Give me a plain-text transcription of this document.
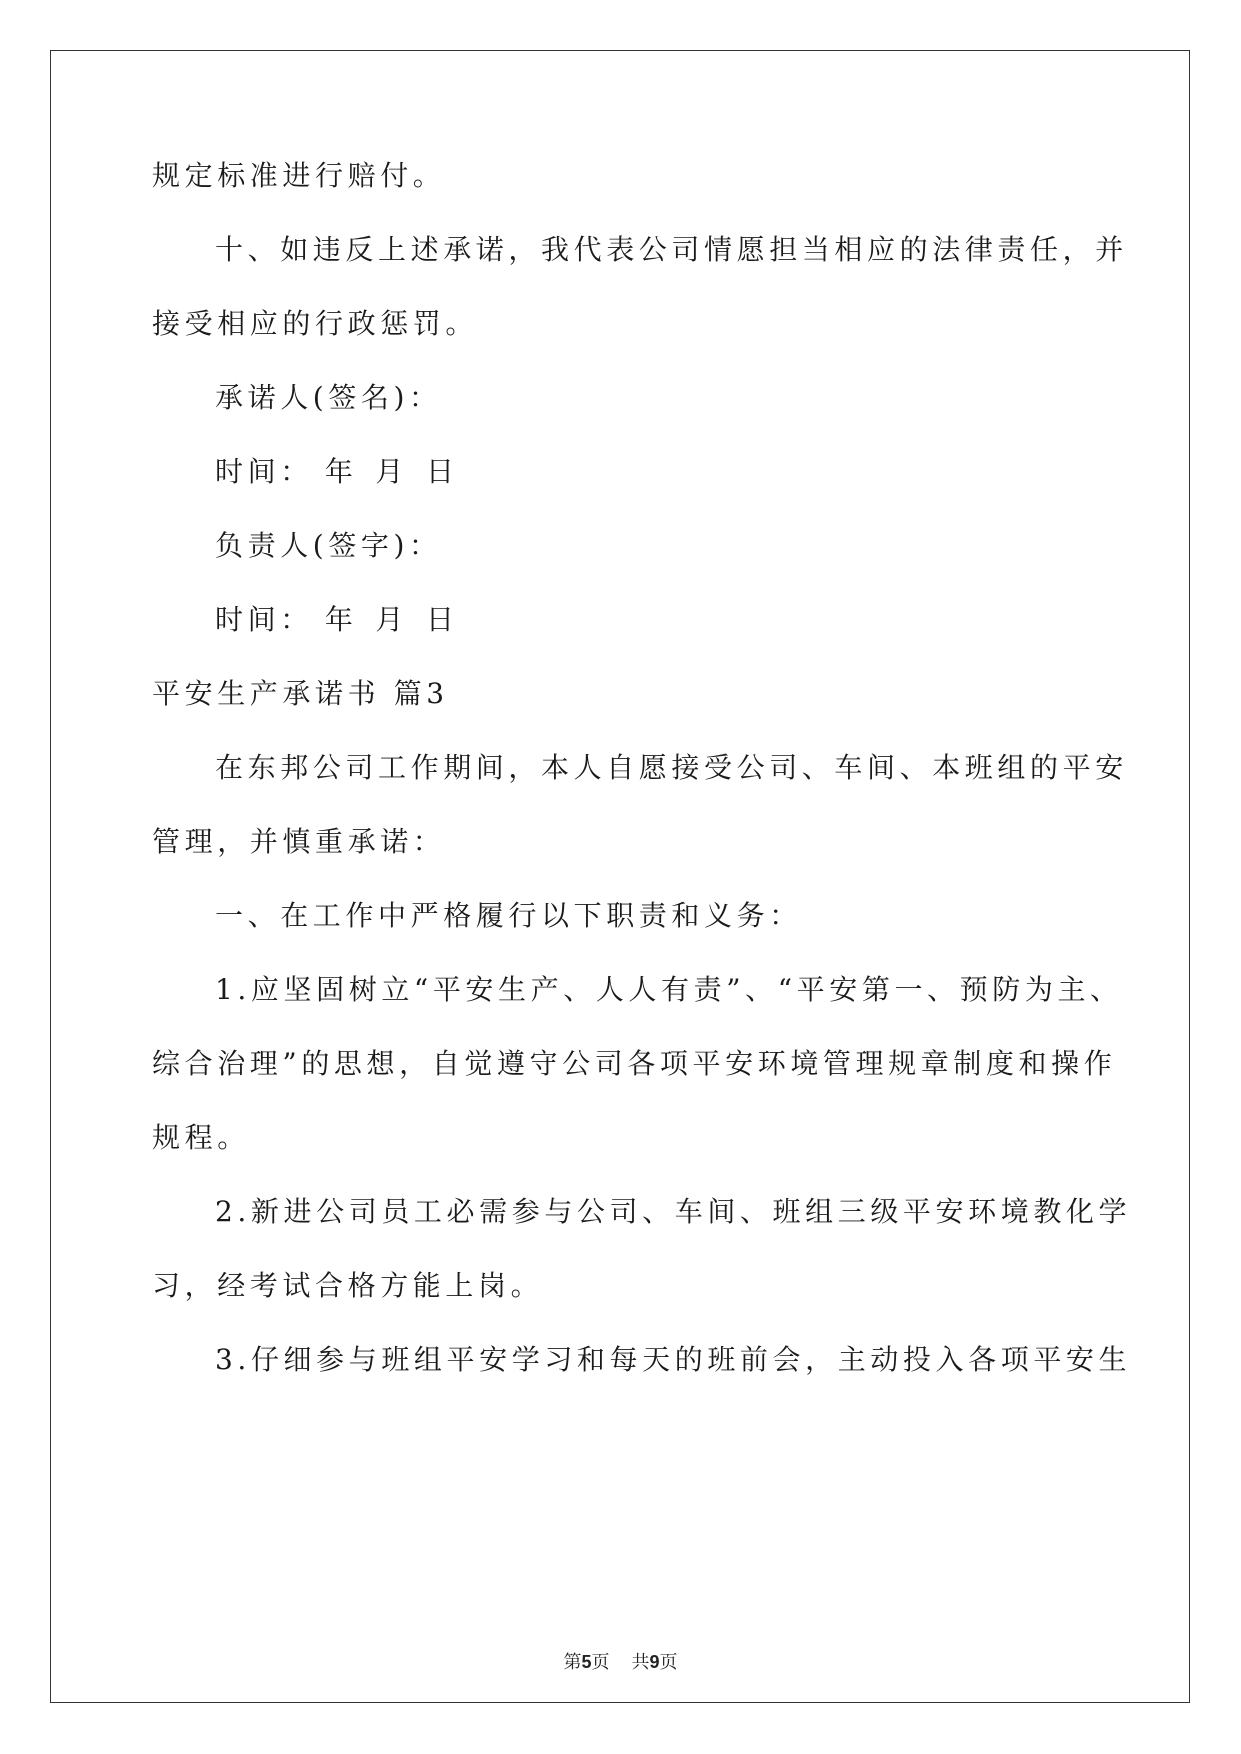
规定标准进行赔付。
十、如违反上述承诺，我代表公司情愿担当相应的法律责任，并
接受相应的行政惩罚。
承诺人(签名)：
时间： 年 月 日
负责人(签字)：
时间： 年 月 日
平安生产承诺书 篇3
在东邦公司工作期间，本人自愿接受公司、车间、本班组的平安
管理，并慎重承诺：
一、在工作中严格履行以下职责和义务：
1.应坚固树立“平安生产、人人有责”、“平安第一、预防为主、
综合治理”的思想，自觉遵守公司各项平安环境管理规章制度和操作
规程。
2.新进公司员工必需参与公司、车间、班组三级平安环境教化学
习，经考试合格方能上岗。
3.仔细参与班组平安学习和每天的班前会，主动投入各项平安生
第5页 共9页
